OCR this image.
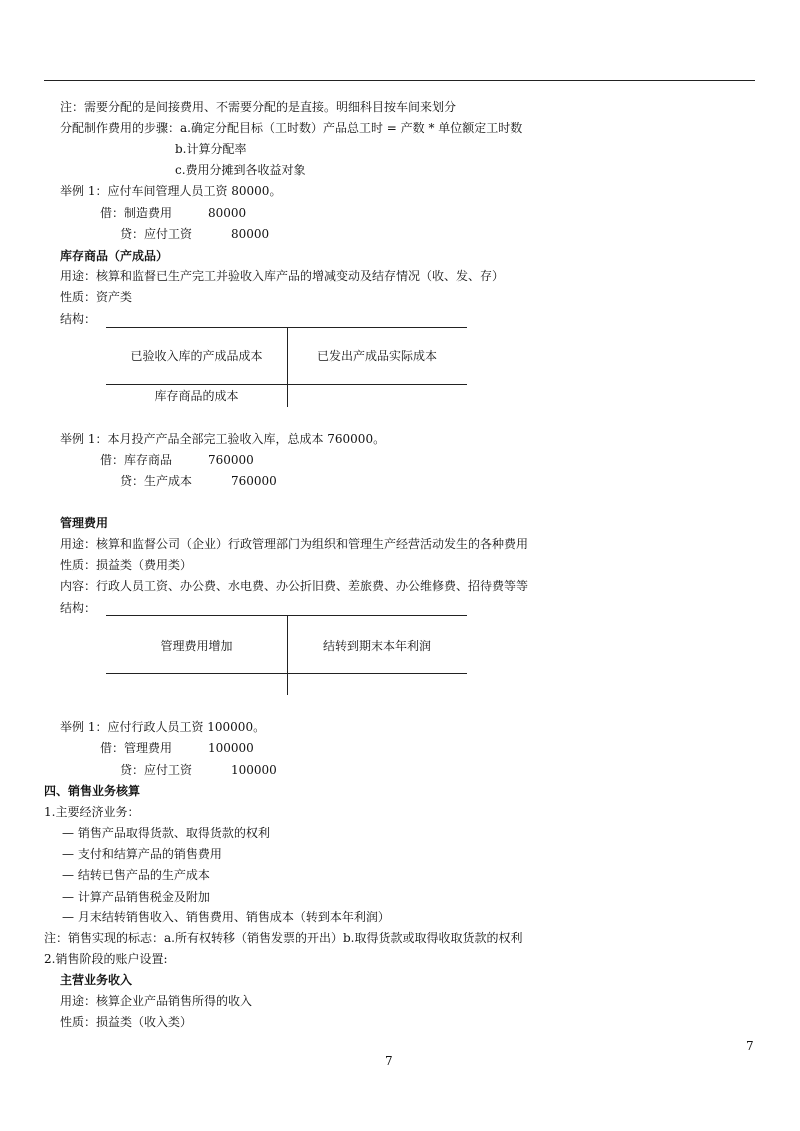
注：需要分配的是间接费用、不需要分配的是直接。明细科目按车间来划分
分配制作费用的步骤：a.确定分配目标（工时数）产品总工时 = 产数 * 单位额定工时数
b.计算分配率
c.费用分摊到各收益对象
举例 1：应付车间管理人员工资 80000。
借：制造费用	80000
贷：应付工资	80000
库存商品（产成品）
用途：核算和监督已生产完工并验收入库产品的增减变动及结存情况（收、发、存）
性质：资产类
结构：
已验收入库的产成品成本	已发出产成品实际成本
库存商品的成本
举例 1：本月投产产品全部完工验收入库，总成本 760000。
借：库存商品	760000
贷：生产成本	760000
管理费用
用途：核算和监督公司（企业）行政管理部门为组织和管理生产经营活动发生的各种费用
性质：损益类（费用类）
内容：行政人员工资、办公费、水电费、办公折旧费、差旅费、办公维修费、招待费等等
结构：
管理费用增加	结转到期末本年利润
举例 1：应付行政人员工资 100000。
借：管理费用	100000
贷：应付工资	100000
四、销售业务核算
1.主要经济业务：
— 销售产品取得货款、取得货款的权利
— 支付和结算产品的销售费用
— 结转已售产品的生产成本
— 计算产品销售税金及附加
— 月末结转销售收入、销售费用、销售成本（转到本年利润）
注：销售实现的标志：a.所有权转移（销售发票的开出）b.取得货款或取得收取货款的权利
2.销售阶段的账户设置:
主营业务收入
用途：核算企业产品销售所得的收入
性质：损益类（收入类）
7
7
